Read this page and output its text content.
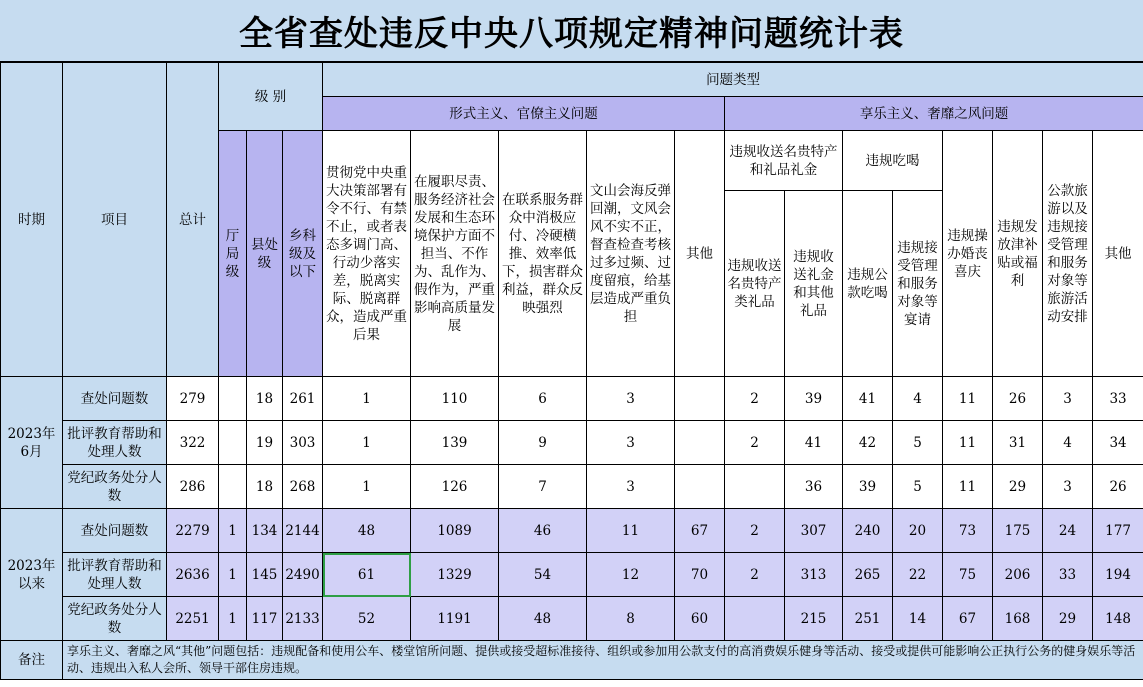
全省查处违反中央八项规定精神问题统计表
时期	项目	总计	级 别			问题类型												
						形式主义、官僚主义问题					享乐主义、奢靡之风问题							
			厅局级	县处级	乡科级及以下	贯彻党中央重大决策部署有令不行、有禁不止，或者表态多调门高、行动少落实差，脱离实际、脱离群众，造成严重后果	在履职尽责、服务经济社会发展和生态环境保护方面不担当、不作为、乱作为、假作为，严重影响高质量发展	在联系服务群众中消极应付、冷硬横推、效率低下，损害群众利益，群众反映强烈	文山会海反弹回潮，文风会风不实不正，督查检查考核过多过频、过度留痕，给基层造成严重负担	其他	违规收送名贵特产和礼品礼金		违规吃喝		违规操办婚丧喜庆	违规发放津补贴或福利	公款旅游以及违规接受管理和服务对象等旅游活动安排	其他
											违规收送名贵特产类礼品	违规收送礼金和其他礼品	违规公款吃喝	违规接受管理和服务对象等宴请				
2023年
6月	查处问题数	279		18	261	1	110	6	3		2	39	41	4	11	26	3	33
	批评教育帮助和处理人数	322		19	303	1	139	9	3		2	41	42	5	11	31	4	34
	党纪政务处分人数	286		18	268	1	126	7	3			36	39	5	11	29	3	26
2023年
以来	查处问题数	2279	1	134	2144	48	1089	46	11	67	2	307	240	20	73	175	24	177
	批评教育帮助和处理人数	2636	1	145	2490	61	1329	54	12	70	2	313	265	22	75	206	33	194
	党纪政务处分人数	2251	1	117	2133	52	1191	48	8	60		215	251	14	67	168	29	148
备注	享乐主义、奢靡之风“其他”问题包括：违规配备和使用公车、楼堂馆所问题、提供或接受超标准接待、组织或参加用公款支付的高消费娱乐健身等活动、接受或提供可能影响公正执行公务的健身娱乐等活动、违规出入私人会所、领导干部住房违规。																	
